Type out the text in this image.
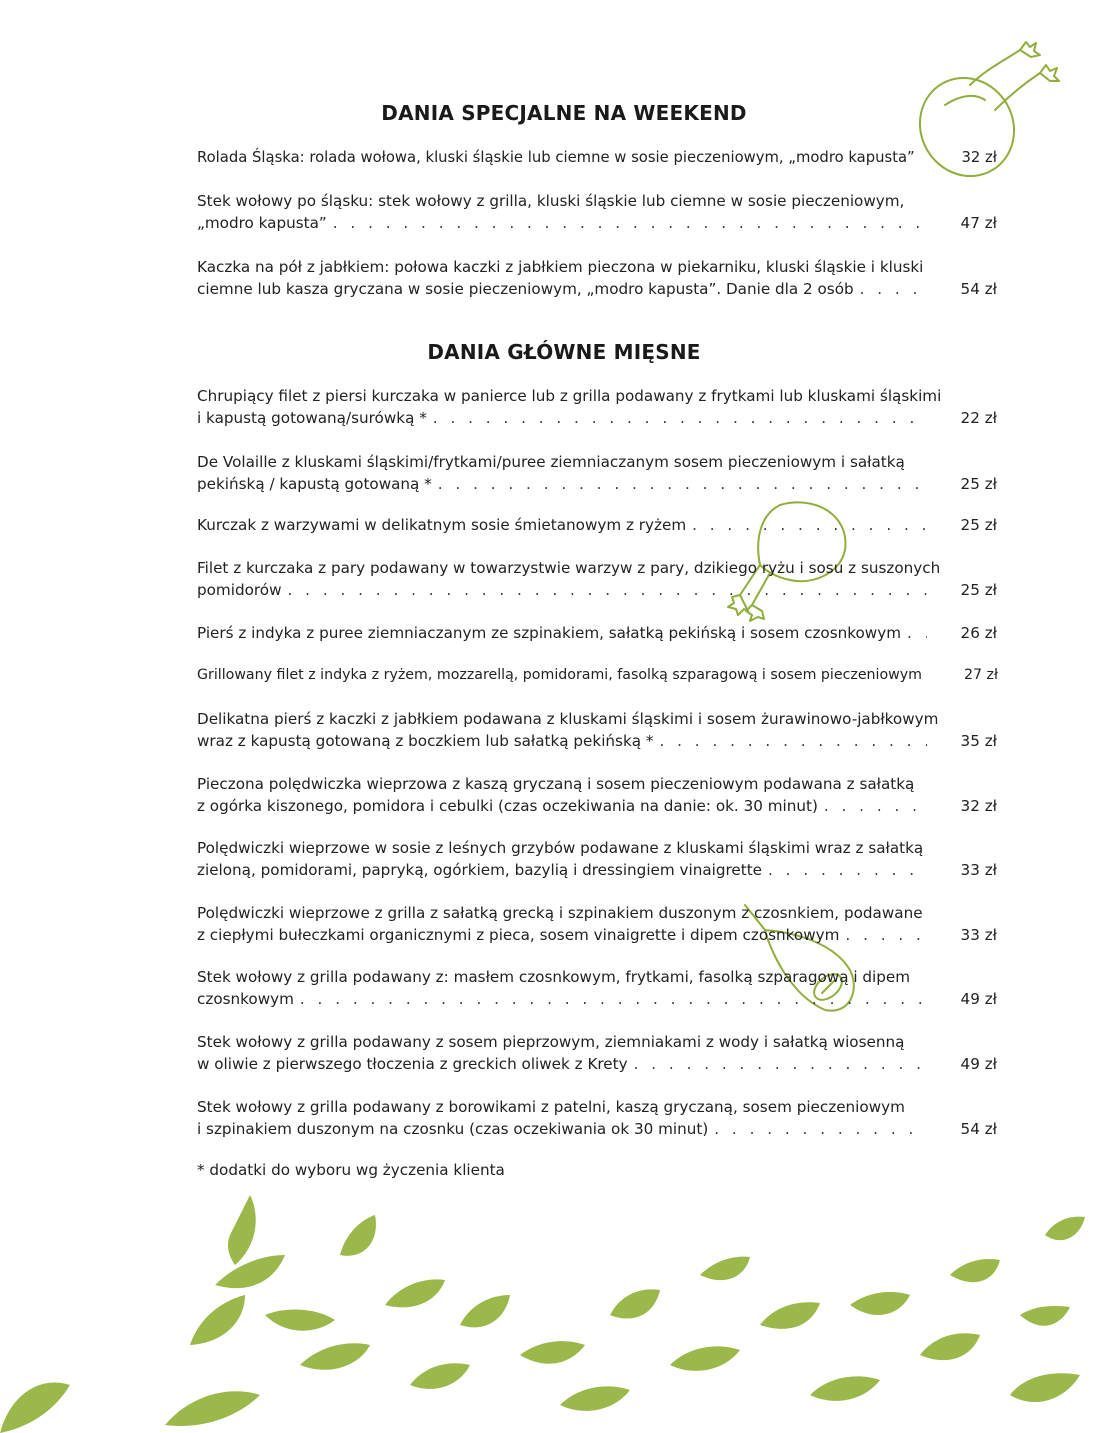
DANIA SPECJALNE NA WEEKEND
Rolada Śląska: rolada wołowa, kluski śląskie lub ciemne w sosie pieczeniowym, „modro kapusta”	32 zł
Stek wołowy po śląsku: stek wołowy z grilla, kluski śląskie lub ciemne w sosie pieczeniowym,
„modro kapusta” . . .	47 zł
Kaczka na pół z jabłkiem: połowa kaczki z jabłkiem pieczona w piekarniku, kluski śląskie i kluski
ciemne lub kasza gryczana w sosie pieczeniowym, „modro kapusta”. Danie dla 2 osób . . .	54 zł
Chrupiący filet z piersi kurczaka w panierce lub z grilla podawany z frytkami lub kluskami śląskimi
i kapustą gotowaną/surówką * . . .	22 zł
De Volaille z kluskami śląskimi/frytkami/puree ziemniaczanym sosem pieczeniowym i sałatką
pekińską / kapustą gotowaną * . . .	25 zł
Kurczak z warzywami w delikatnym sosie śmietanowym z ryżem . . .	25 zł
Filet z kurczaka z pary podawany w towarzystwie warzyw z pary, dzikiego ryżu i sosu z suszonych
pomidorów . . .	25 zł
Pierś z indyka z puree ziemniaczanym ze szpinakiem, sałatką pekińską i sosem czosnkowym . . .	26 zł
Grillowany filet z indyka z ryżem, mozzarellą, pomidorami, fasolką szparagową i sosem pieczeniowym	27 zł
Delikatna pierś z kaczki z jabłkiem podawana z kluskami śląskimi i sosem żurawinowo-jabłkowym
wraz z kapustą gotowaną z boczkiem lub sałatką pekińską * . . .	35 zł
Pieczona polędwiczka wieprzowa z kaszą gryczaną i sosem pieczeniowym podawana z sałatką
z ogórka kiszonego, pomidora i cebulki (czas oczekiwania na danie: ok. 30 minut) . . .	32 zł
Polędwiczki wieprzowe w sosie z leśnych grzybów podawane z kluskami śląskimi wraz z sałatką
zieloną, pomidorami, papryką, ogórkiem, bazylią i dressingiem vinaigrette . . .	33 zł
Polędwiczki wieprzowe z grilla z sałatką grecką i szpinakiem duszonym z czosnkiem, podawane
z ciepłymi bułeczkami organicznymi z pieca, sosem vinaigrette i dipem czosnkowym . . .	33 zł
Stek wołowy z grilla podawany z: masłem czosnkowym, frytkami, fasolką szparagową i dipem
czosnkowym . . .	49 zł
Stek wołowy z grilla podawany z sosem pieprzowym, ziemniakami z wody i sałatką wiosenną
w oliwie z pierwszego tłoczenia z greckich oliwek z Krety . . .	49 zł
Stek wołowy z grilla podawany z borowikami z patelni, kaszą gryczaną, sosem pieczeniowym
i szpinakiem duszonym na czosnku (czas oczekiwania ok 30 minut) . . .	54 zł
DANIA GŁÓWNE MIĘSNE
* dodatki do wyboru wg życzenia klienta
